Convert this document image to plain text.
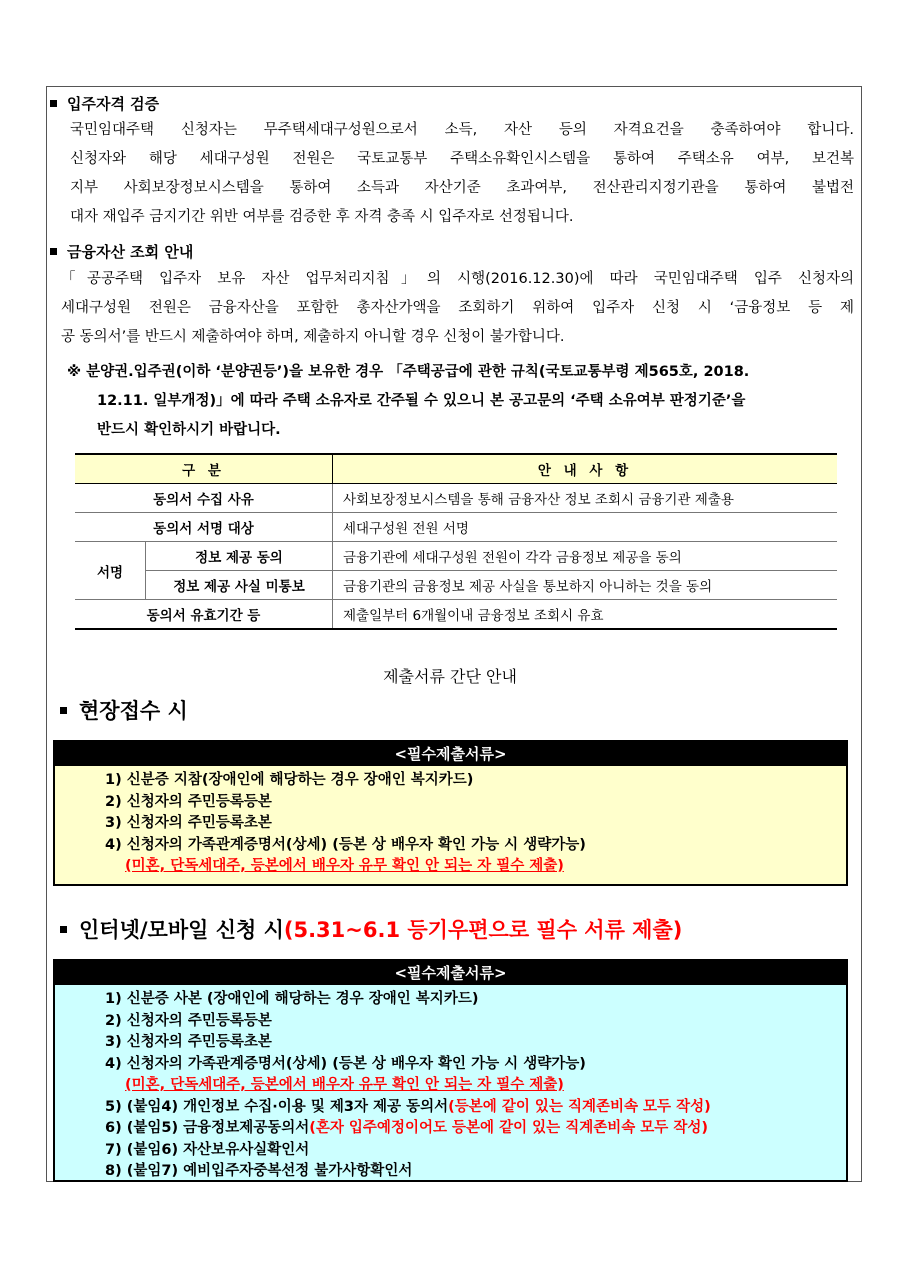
입주자격 검증
국민임대주택 신청자는 무주택세대구성원으로서 소득, 자산 등의 자격요건을 충족하여야 합니다.
신청자와 해당 세대구성원 전원은 국토교통부 주택소유확인시스템을 통하여 주택소유 여부, 보건복
지부 사회보장정보시스템을 통하여 소득과 자산기준 초과여부, 전산관리지정기관을 통하여 불법전
대자 재입주 금지기간 위반 여부를 검증한 후 자격 충족 시 입주자로 선정됩니다.
금융자산 조회 안내
「공공주택 입주자 보유 자산 업무처리지침」의 시행(2016.12.30)에 따라 국민임대주택 입주 신청자의
세대구성원 전원은 금융자산을 포함한 총자산가액을 조회하기 위하여 입주자 신청 시 ‘금융정보 등 제
공 동의서’를 반드시 제출하여야 하며, 제출하지 아니할 경우 신청이 불가합니다.
※ 분양권.입주권(이하 ‘분양권등’)을 보유한 경우 「주택공급에 관한 규칙(국토교통부령 제565호, 2018.
12.11. 일부개정)」에 따라 주택 소유자로 간주될 수 있으니 본 공고문의 ‘주택 소유여부 판정기준’을
반드시 확인하시기 바랍니다.
구 분		안 내 사 항
동의서 수집 사유		사회보장정보시스템을 통해 금융자산 정보 조회시 금융기관 제출용
동의서 서명 대상		세대구성원 전원 서명
서명	정보 제공 동의	금융기관에 세대구성원 전원이 각각 금융정보 제공을 동의
	정보 제공 사실 미통보	금융기관의 금융정보 제공 사실을 통보하지 아니하는 것을 동의
동의서 유효기간 등		제출일부터 6개월이내 금융정보 조회시 유효
제출서류 간단 안내
현장접수 시
<필수제출서류>
1) 신분증 지참(장애인에 해당하는 경우 장애인 복지카드)
2) 신청자의 주민등록등본
3) 신청자의 주민등록초본
4) 신청자의 가족관계증명서(상세) (등본 상 배우자 확인 가능 시 생략가능)
(미혼, 단독세대주, 등본에서 배우자 유무 확인 안 되는 자 필수 제출)
인터넷/모바일 신청 시(5.31~6.1 등기우편으로 필수 서류 제출)
<필수제출서류>
1) 신분증 사본 (장애인에 해당하는 경우 장애인 복지카드)
2) 신청자의 주민등록등본
3) 신청자의 주민등록초본
4) 신청자의 가족관계증명서(상세) (등본 상 배우자 확인 가능 시 생략가능)
(미혼, 단독세대주, 등본에서 배우자 유무 확인 안 되는 자 필수 제출)
5) (붙임4) 개인정보 수집·이용 및 제3자 제공 동의서(등본에 같이 있는 직계존비속 모두 작성)
6) (붙임5) 금융정보제공동의서(혼자 입주예정이어도 등본에 같이 있는 직계존비속 모두 작성)
7) (붙임6) 자산보유사실확인서
8) (붙임7) 예비입주자중복선정 불가사항확인서
